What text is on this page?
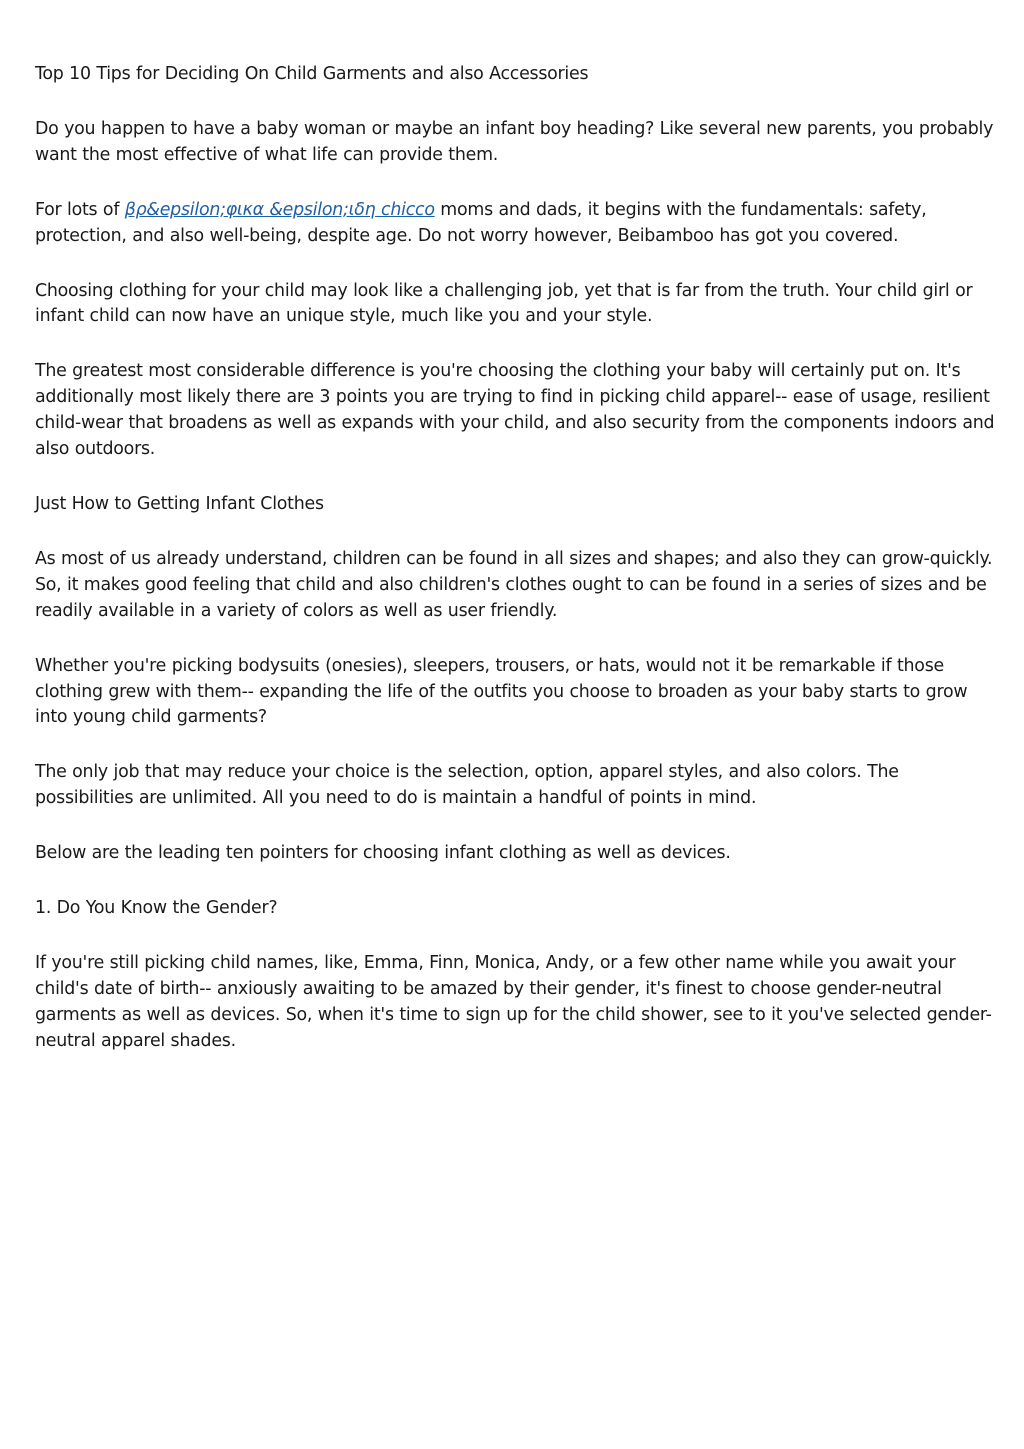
Top 10 Tips for Deciding On Child Garments and also Accessories

Do you happen to have a baby woman or maybe an infant boy heading? Like several new parents, you probably want the most effective of what life can provide them.

For lots of βρ&epsilon;φικα &epsilon;ιδη chicco moms and dads, it begins with the fundamentals: safety, protection, and also well-being, despite age. Do not worry however, Beibamboo has got you covered.

Choosing clothing for your child may look like a challenging job, yet that is far from the truth. Your child girl or infant child can now have an unique style, much like you and your style.

The greatest most considerable difference is you're choosing the clothing your baby will certainly put on. It's additionally most likely there are 3 points you are trying to find in picking child apparel-- ease of usage, resilient child-wear that broadens as well as expands with your child, and also security from the components indoors and also outdoors.

Just How to Getting Infant Clothes

As most of us already understand, children can be found in all sizes and shapes; and also they can grow-quickly. So, it makes good feeling that child and also children's clothes ought to can be found in a series of sizes and be readily available in a variety of colors as well as user friendly.

Whether you're picking bodysuits (onesies), sleepers, trousers, or hats, would not it be remarkable if those clothing grew with them-- expanding the life of the outfits you choose to broaden as your baby starts to grow into young child garments?

The only job that may reduce your choice is the selection, option, apparel styles, and also colors. The possibilities are unlimited. All you need to do is maintain a handful of points in mind.

Below are the leading ten pointers for choosing infant clothing as well as devices.

1. Do You Know the Gender?

If you're still picking child names, like, Emma, Finn, Monica, Andy, or a few other name while you await your child's date of birth-- anxiously awaiting to be amazed by their gender, it's finest to choose gender-neutral garments as well as devices. So, when it's time to sign up for the child shower, see to it you've selected gender-neutral apparel shades.
